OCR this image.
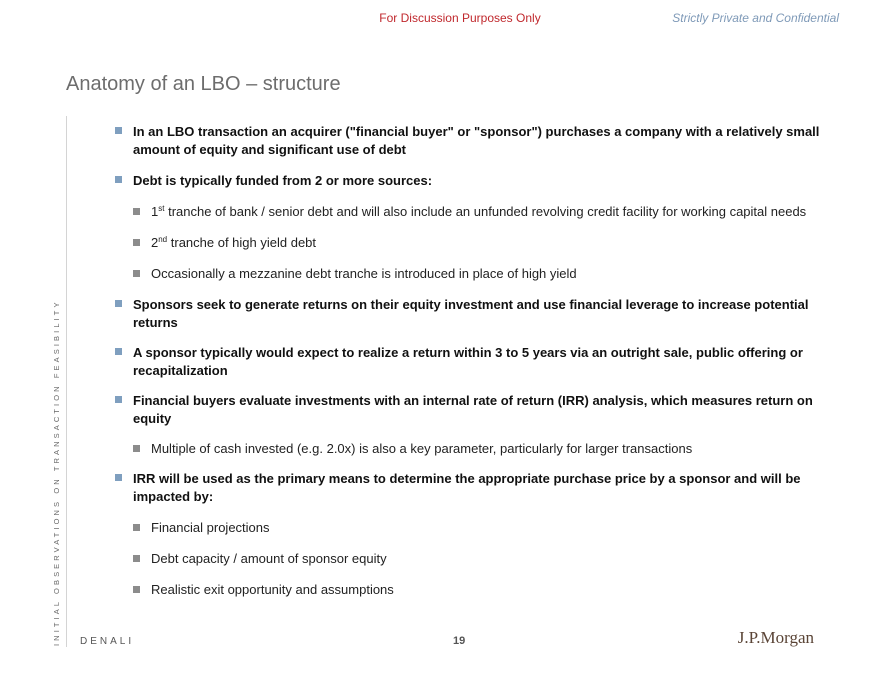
For Discussion Purposes Only	Strictly Private and Confidential
Anatomy of an LBO – structure
INITIAL OBSERVATIONS ON TRANSACTION FEASIBILITY
In an LBO transaction an acquirer ("financial buyer" or "sponsor") purchases a company with a relatively small amount of equity and significant use of debt
Debt is typically funded from 2 or more sources:
1st tranche of bank / senior debt and will also include an unfunded revolving credit facility for working capital needs
2nd tranche of high yield debt
Occasionally a mezzanine debt tranche is introduced in place of high yield
Sponsors seek to generate returns on their equity investment and use financial leverage to increase potential returns
A sponsor typically would expect to realize a return within 3 to 5 years via an outright sale, public offering or recapitalization
Financial buyers evaluate investments with an internal rate of return (IRR) analysis, which measures return on equity
Multiple of cash invested (e.g. 2.0x) is also a key parameter, particularly for larger transactions
IRR will be used as the primary means to determine the appropriate purchase price by a sponsor and will be impacted by:
Financial projections
Debt capacity / amount of sponsor equity
Realistic exit opportunity and assumptions
DENALI	19	J.P.Morgan
